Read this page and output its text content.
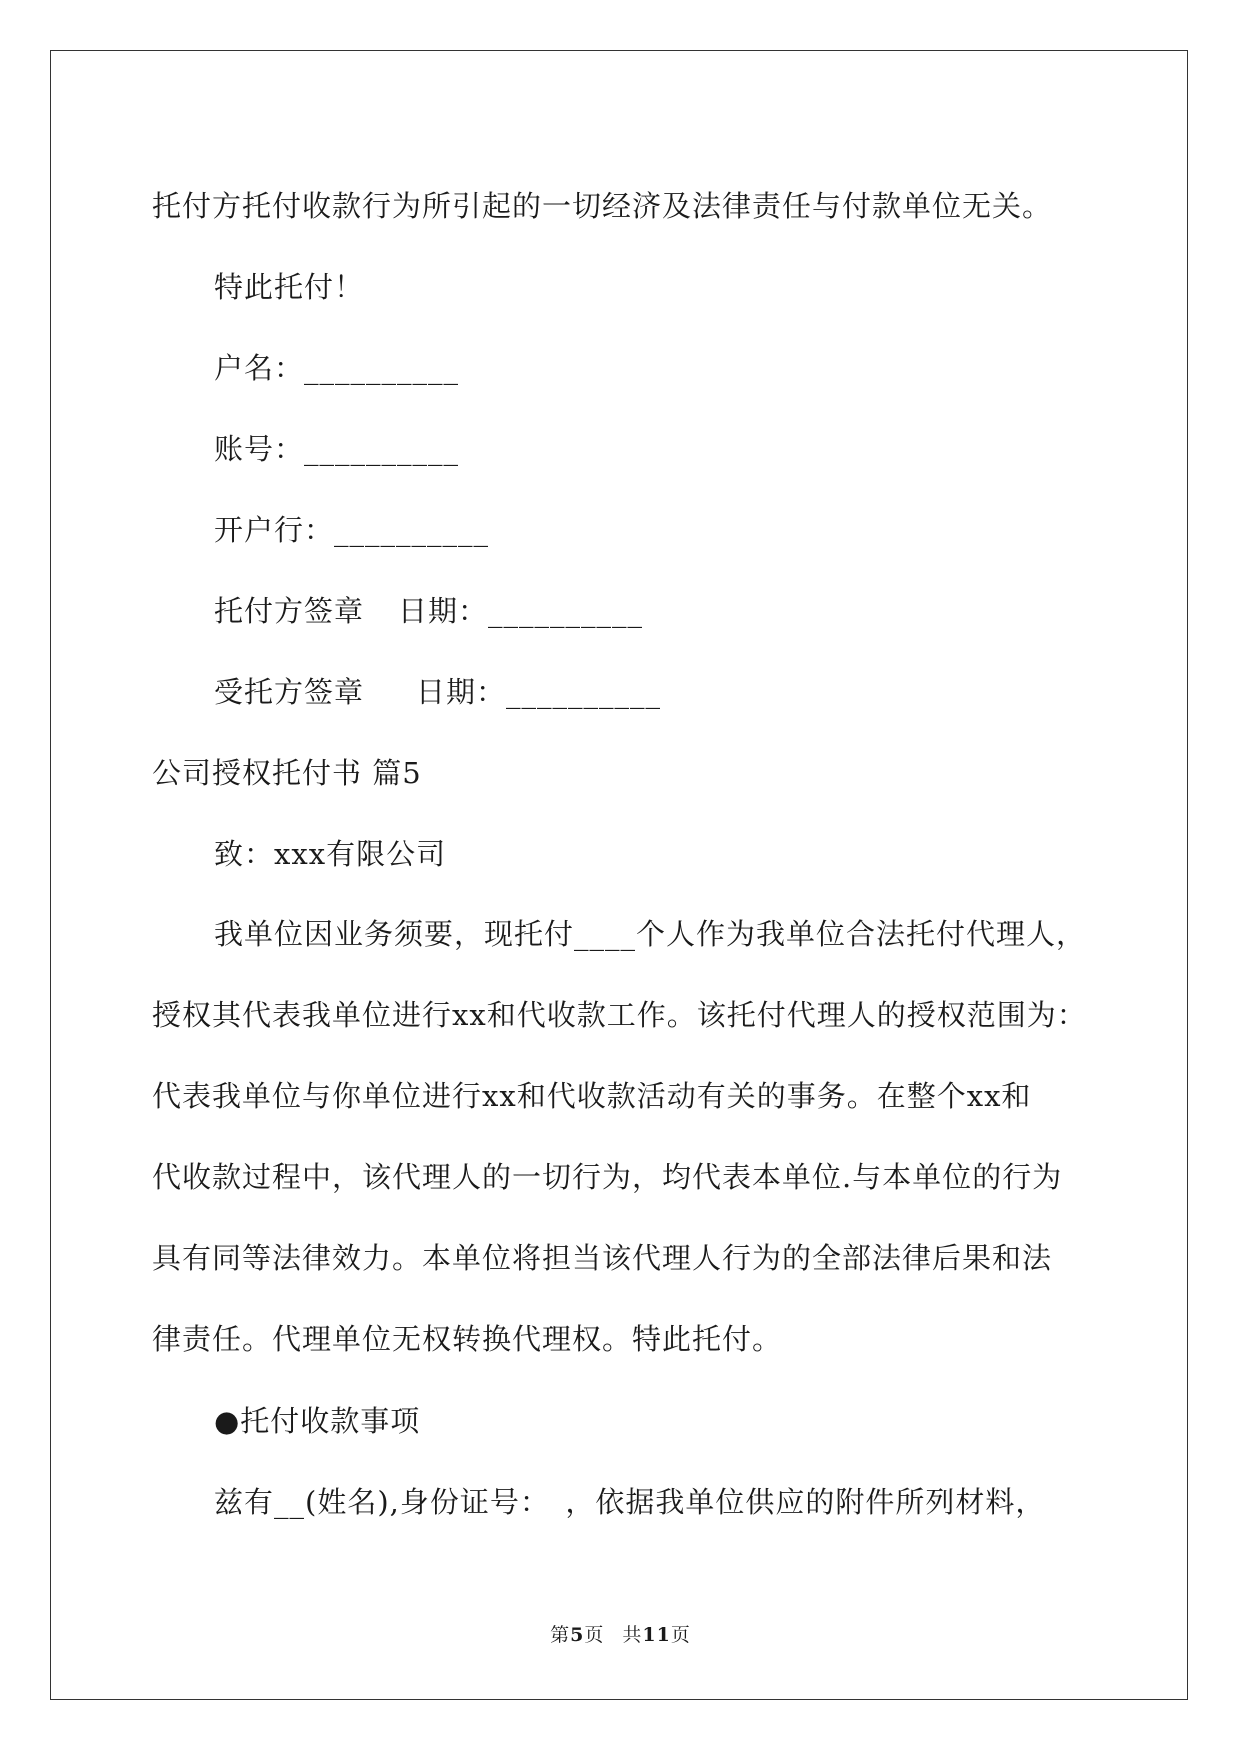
托付方托付收款行为所引起的一切经济及法律责任与付款单位无关。
特此托付！
户名：__________
账号：__________
开户行：__________
托付方签章 日期：__________
受托方签章 日期：__________
公司授权托付书 篇5
致：xxx有限公司
我单位因业务须要，现托付____个人作为我单位合法托付代理人，
授权其代表我单位进行xx和代收款工作。该托付代理人的授权范围为：
代表我单位与你单位进行xx和代收款活动有关的事务。在整个xx和
代收款过程中，该代理人的一切行为，均代表本单位.与本单位的行为
具有同等法律效力。本单位将担当该代理人行为的全部法律后果和法
律责任。代理单位无权转换代理权。特此托付。
●托付收款事项
兹有__(姓名),身份证号：　，依据我单位供应的附件所列材料，
第5页 共11页
